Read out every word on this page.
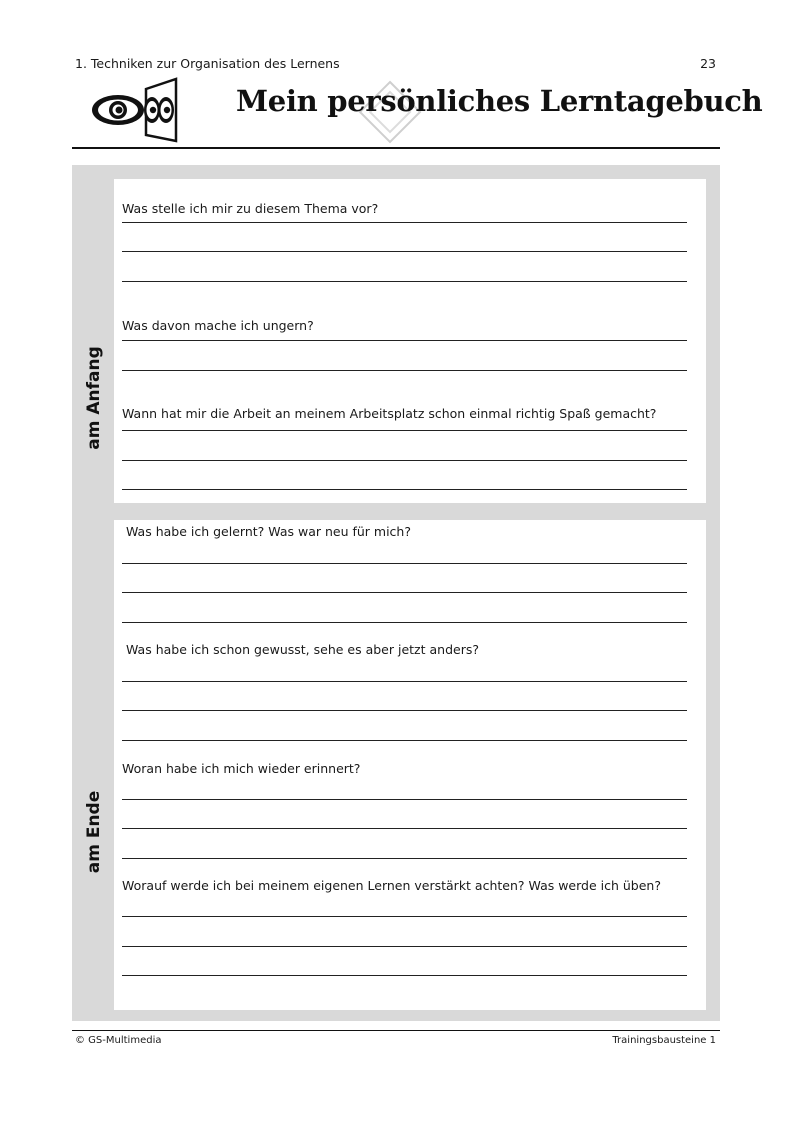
1. Techniken zur Organisation des Lernens	23
Mein persönliches Lerntagebuch
am Anfang
am Ende
Was stelle ich mir zu diesem Thema vor?
Was davon mache ich ungern?
Wann hat mir die Arbeit an meinem Arbeitsplatz schon einmal richtig Spaß gemacht?
Was habe ich gelernt? Was war neu für mich?
Was habe ich schon gewusst, sehe es aber jetzt anders?
Woran habe ich mich wieder erinnert?
Worauf werde ich bei meinem eigenen Lernen verstärkt achten? Was werde ich üben?
© GS-Multimedia	Trainingsbausteine 1
